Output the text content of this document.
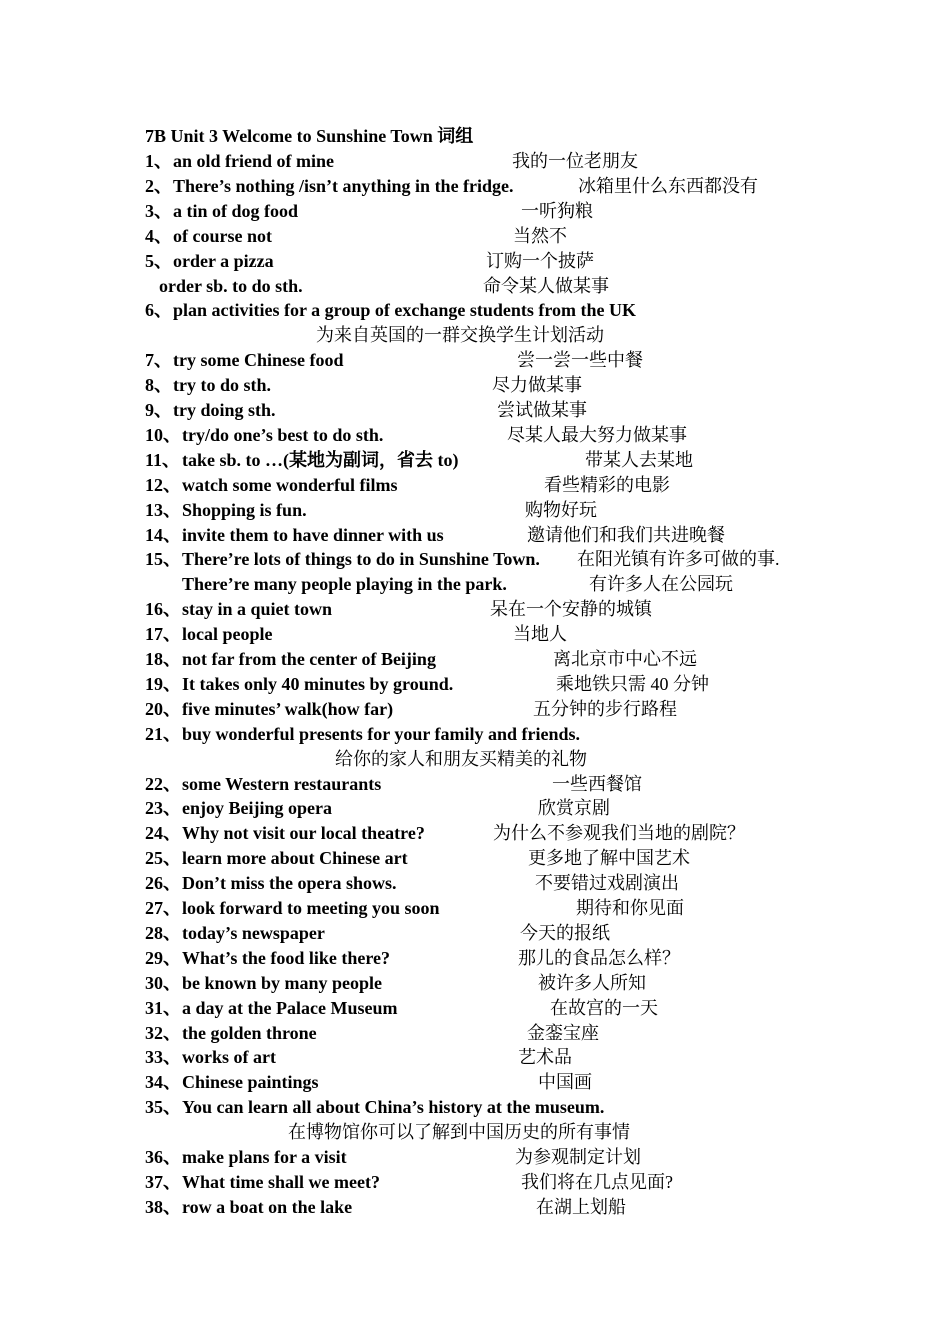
7B Unit 3 Welcome to Sunshine Town 词组
1、 an old friend of mine	我的一位老朋友
2、 There’s nothing /isn’t anything in the fridge.	冰箱里什么东西都没有
3、 a tin of dog food	一听狗粮
4、 of course not	当然不
5、 order a pizza	订购一个披萨
order sb. to do sth.	命令某人做某事
6、 plan activities for a group of exchange students from the UK
为来自英国的一群交换学生计划活动
7、 try some Chinese food	尝一尝一些中餐
8、 try to do sth.	尽力做某事
9、 try doing sth.	尝试做某事
10、 try/do one’s best to do sth.	尽某人最大努力做某事
11、 take sb. to …(某地为副词，省去 to)	带某人去某地
12、 watch some wonderful films	看些精彩的电影
13、 Shopping is fun.	购物好玩
14、 invite them to have dinner with us	邀请他们和我们共进晚餐
15、 There’re lots of things to do in Sunshine Town. 在阳光镇有许多可做的事.
There’re many people playing in the park.	有许多人在公园玩
16、 stay in a quiet town	呆在一个安静的城镇
17、 local people	当地人
18、 not far from the center of Beijing	离北京市中心不远
19、 It takes only 40 minutes by ground.	乘地铁只需 40 分钟
20、 five minutes’ walk(how far)	五分钟的步行路程
21、 buy wonderful presents for your family and friends.
给你的家人和朋友买精美的礼物
22、 some Western restaurants	一些西餐馆
23、 enjoy Beijing opera	欣赏京剧
24、 Why not visit our local theatre?	为什么不参观我们当地的剧院？
25、 learn more about Chinese art	更多地了解中国艺术
26、 Don’t miss the opera shows.	不要错过戏剧演出
27、 look forward to meeting you soon	期待和你见面
28、 today’s newspaper	今天的报纸
29、 What’s the food like there?	那儿的食品怎么样？
30、 be known by many people	被许多人所知
31、 a day at the Palace Museum	在故宫的一天
32、 the golden throne	金銮宝座
33、 works of art	艺术品
34、 Chinese paintings	中国画
35、 You can learn all about China’s history at the museum.
在博物馆你可以了解到中国历史的所有事情
36、 make plans for a visit	为参观制定计划
37、 What time shall we meet?	我们将在几点见面?
38、 row a boat on the lake	在湖上划船
